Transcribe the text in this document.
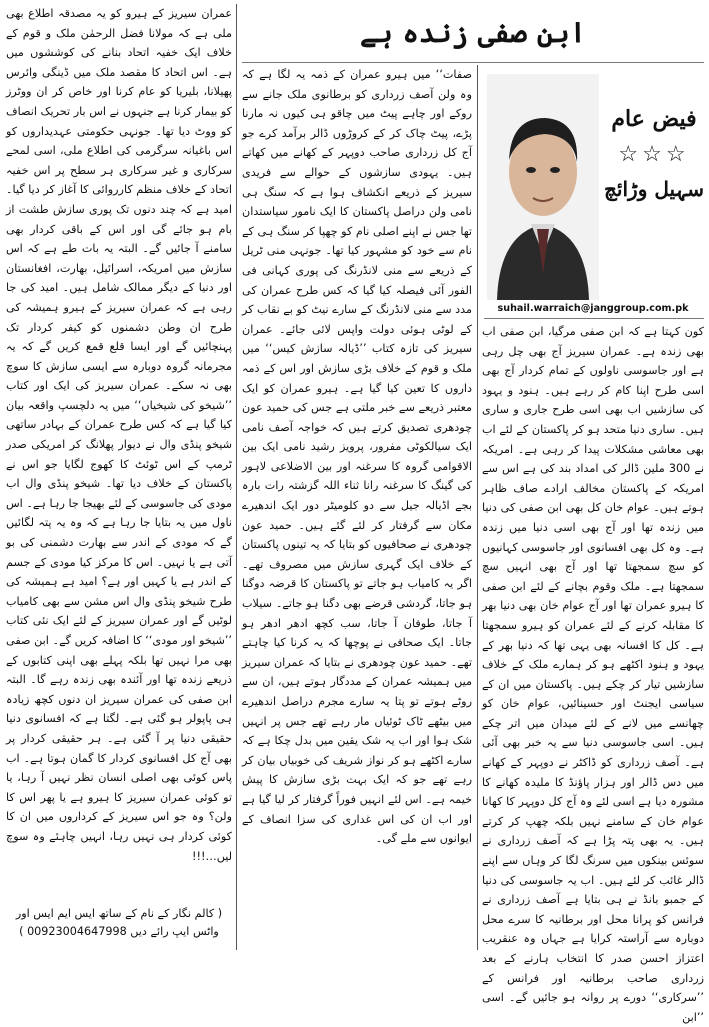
ابن صفی زندہ ہے
فیض عام
☆☆☆
سہیل وڑائچ
suhail.warraich@janggroup.com.pk

کون کہتا ہے کہ ابن صفی مرگیا، ابن صفی اب بھی زندہ ہے۔ عمران سیریز آج بھی چل رہی ہے اور جاسوسی ناولوں کے تمام کردار آج بھی اسی طرح اپنا کام کر رہے ہیں۔ ہنود و یہود کی سازشیں اب بھی اسی طرح جاری و ساری ہیں۔ ساری دنیا متحد ہو کر پاکستان کے لئے اب بھی معاشی مشکلات پیدا کر رہی ہے۔ امریکہ نے 300 ملین ڈالر کی امداد بند کی ہے اس سے امریکہ کے پاکستان مخالف ارادے صاف ظاہر ہوتے ہیں۔ عوام خان کل بھی ابن صفی کی دنیا میں زندہ تھا اور آج بھی اسی دنیا میں زندہ ہے۔ وہ کل بھی افسانوی اور جاسوسی کہانیوں کو سچ سمجھتا تھا اور آج بھی انہیں سچ سمجھتا ہے۔ ملک وقوم بچانے کے لئے ابن صفی کا ہیرو عمران تھا اور آج عوام خان بھی دنیا بھر کا مقابلہ کرنے کے لئے عمران کو ہیرو سمجھتا ہے۔ کل کا افسانہ بھی یہی تھا کہ دنیا بھر کے یہود و ہنود اکٹھے ہو کر ہمارے ملک کے خلاف سازشیں تیار کر چکے ہیں۔ پاکستان میں ان کے سیاسی ایجنٹ اور حسینائیں، عوام خان کو چھانسے میں لانے کے لئے میدان میں اتر چکے ہیں۔ اسی جاسوسی دنیا سے یہ خبر بھی آئی ہے۔ آصف زرداری کو ڈاکٹر نے دوپہر کے کھانے میں دس ڈالر اور ہزار پاؤنڈ کا ملیدہ کھانے کا مشورہ دیا ہے اسی لئے وہ آج کل دوپہر کا کھانا عوام خان کے سامنے نہیں بلکہ چھپ کر کرتے ہیں۔ یہ بھی پتہ پڑا ہے کہ آصف زرداری نے سوئس بینکوں میں سرنگ لگا کر وہاں سے اپنے ڈالر غائب کر لئے ہیں۔ اب یہ جاسوسی کی دنیا کے جمبو بانڈ نے ہی بتایا ہے آصف زرداری نے فرانس کو پرانا محل اور برطانیہ کا سرے محل دوبارہ سے آراستہ کرایا ہے جہاں وہ عنقریب اعتزاز احسن صدر کا انتخاب ہارنے کے بعد زرداری صاحب برطانیہ اور فرانس کے ’’سرکاری‘‘ دورے پر روانہ ہو جائیں گے۔ اسی ’’ابن

صفات‘‘ میں ہیرو عمران کے ذمہ یہ لگا ہے کہ وہ ولن آصف زرداری کو برطانوی ملک جانے سے روکے اور چاہے پیٹ میں چاقو ہی کیوں نہ مارنا پڑے، پیٹ چاک کر کے کروڑوں ڈالر برآمد کرے جو آج کل زرداری صاحب دوپہر کے کھانے میں کھاتے ہیں۔ یہودی سازشوں کے حوالے سے فریدی سیریز کے ذریعے انکشاف ہوا ہے کہ سنگ ہی نامی ولن دراصل پاکستان کا ایک نامور سیاستدان تھا جس نے اپنے اصلی نام کو چھپا کر سنگ ہی کے نام سے خود کو مشہور کیا تھا۔ جونہی منی ٹریل کے ذریعے سے منی لانڈرنگ کی پوری کہانی فی الفور آئی فیصلہ کیا گیا کہ کس طرح عمران کی مدد سے منی لانڈرنگ کے سارے نیٹ کو بے نقاب کر کے لوٹی ہوئی دولت واپس لائی جائے۔ عمران سیریز کی تازہ کتاب ’’ڈیالہ سازش کیس‘‘ میں ملک و قوم کے خلاف بڑی سازش اور اس کے ذمہ داروں کا تعین کیا گیا ہے۔ ہیرو عمران کو ایک معتبر ذریعے سے خبر ملتی ہے جس کی حمید عون چودھری تصدیق کرتے ہیں کہ خواجہ آصف نامی ایک سیالکوٹی مفرور، پرویز رشید نامی ایک بین الاقوامی گروہ کا سرغنہ اور بین الاضلاعی لاہور کی گینگ کا سرغنہ رانا ثناء اللہ گزشتہ رات بارہ بجے اڈیالہ جیل سے دو کلومیٹر دور ایک اندھیرے مکان سے گرفتار کر لئے گئے ہیں۔ حمید عون چودھری نے صحافیوں کو بتایا کہ یہ تینوں پاکستان کے خلاف ایک گہری سازش میں مصروف تھے۔ اگر یہ کامیاب ہو جاتے تو پاکستان کا قرضہ دوگنا ہو جاتا، گردشی قرضے بھی دگنا ہو جاتے۔ سیلاب آ جاتا، طوفان آ جاتا، سب کچھ ادھر ادھر ہو جاتا۔ ایک صحافی نے پوچھا کہ یہ کرنا کیا چاہتے تھے۔ حمید عون چودھری نے بتایا کہ عمران سیریز میں ہمیشہ عمران کے مددگار ہوتے ہیں، ان سے روٹے ہوتے تو پتا یہ سارے مجرم دراصل اندھیرے میں بیٹھے ٹاک ٹوئیاں مار رہے تھے جس پر انہیں شک ہوا اور اب یہ شک یقین میں بدل چکا ہے کہ سارے اکٹھے ہو کر نواز شریف کی خوبیاں بیان کر رہے تھے جو کہ ایک بہت بڑی سازش کا پیش خیمہ ہے۔ اس لئے انہیں فوراً گرفتار کر لیا گیا ہے اور اب ان کی اس غداری کی سزا انصاف کے ایوانوں سے ملے گی۔

عمران سیریز کے ہیرو کو یہ مصدقہ اطلاع بھی ملی ہے کہ مولانا فضل الرحمٰن ملک و قوم کے خلاف ایک خفیہ اتحاد بنانے کی کوششوں میں ہے۔ اس اتحاد کا مقصد ملک میں ڈینگی وائرس پھیلانا، بلیریا کو عام کرنا اور خاص کر ان ووٹرز کو بیمار کرنا ہے جنہوں نے اس بار تحریک انصاف کو ووٹ دیا تھا۔ جونہی حکومتی عہدیداروں کو اس باغیانہ سرگرمی کی اطلاع ملی، اسی لمحے سرکاری و غیر سرکاری ہر سطح پر اس خفیہ اتحاد کے خلاف منظم کارروائی کا آغاز کر دیا گیا۔ امید ہے کہ چند دنوں تک پوری سازش طشت از بام ہو جائے گی اور اس کے باقی کردار بھی سامنے آ جائیں گے۔ البتہ یہ بات طے ہے کہ اس سازش میں امریکہ، اسرائیل، بھارت، افغانستان اور دنیا کے دیگر ممالک شامل ہیں۔ امید کی جا رہی ہے کہ عمران سیریز کے ہیرو ہمیشہ کی طرح ان وطن دشمنوں کو کیفر کردار تک پہنچائیں گے اور ایسا قلع قمع کریں گے کہ یہ مجرمانہ گروہ دوبارہ سے ایسی سازش کا سوچ بھی نہ سکے۔ عمران سیریز کی ایک اور کتاب ’’شیخو کی شیخیاں‘‘ میں یہ دلچسپ واقعہ بیان کیا گیا ہے کہ کس طرح عمران کے بہادر ساتھی شیخو پنڈی وال نے دیوار پھلانگ کر امریکی صدر ٹرمپ کے اس ٹوئٹ کا کھوج لگایا جو اس نے پاکستان کے خلاف دیا تھا۔ شیخو پنڈی وال اب مودی کی جاسوسی کے لئے بھیجا جا رہا ہے۔ اس ناول میں یہ بتایا جا رہا ہے کہ وہ یہ پتہ لگائیں گے کہ مودی کے اندر سے بھارت دشمنی کی بو آتی ہے یا نہیں۔ اس کا مرکز کیا مودی کے جسم کے اندر ہے یا کہیں اور ہے؟ امید ہے ہمیشہ کی طرح شیخو پنڈی وال اس مشن سے بھی کامیاب لوٹیں گے اور عمران سیریز کے لئے ایک نئی کتاب ’’شیخو اور مودی‘‘ کا اضافہ کریں گے۔ ابن صفی بھی مرا نہیں تھا بلکہ پہلے بھی اپنی کتابوں کے ذریعے زندہ تھا اور آئندہ بھی زندہ رہے گا۔ البتہ ابن صفی کی عمران سیریز ان دنوں کچھ زیادہ ہی پاپولر ہو گئی ہے۔ لگتا ہے کہ افسانوی دنیا حقیقی دنیا پر آ گئی ہے۔ ہر حقیقی کردار پر بھی آج کل افسانوی کردار کا گمان ہوتا ہے۔ اب پاس کوئی بھی اصلی انسان نظر نہیں آ رہا، یا تو کوئی عمران سیریز کا ہیرو ہے یا پھر اس کا ولن؟ وہ جو اس سیریز کے کرداروں میں ان کا کوئی کردار ہی نہیں رہا، انہیں چاہئے وہ سوچ لیں…!!!

( کالم نگار کے نام کے ساتھ ایس ایم ایس اور واٹس ایپ رائے دیں 00923004647998 )
